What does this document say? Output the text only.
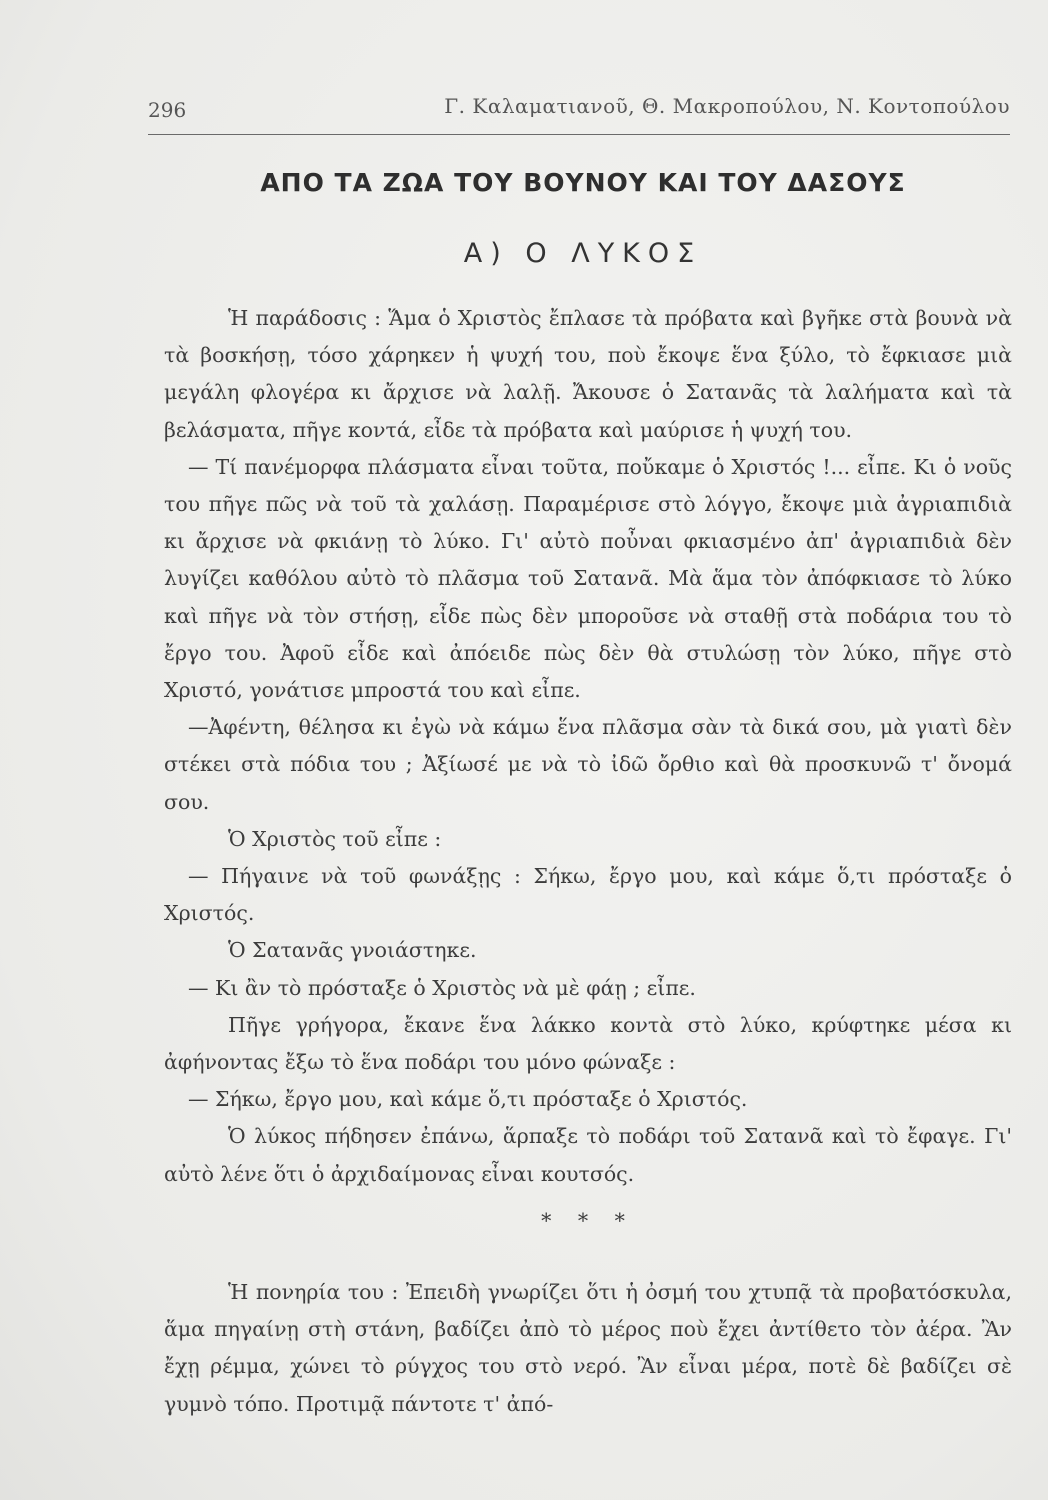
296	Γ. Καλαματιανοῦ, Θ. Μακροπούλου, Ν. Κοντοπούλου
ΑΠΟ ΤΑ ΖΩΑ ΤΟΥ ΒΟΥΝΟΥ ΚΑΙ ΤΟΥ ΔΑΣΟΥΣ
Α) Ο ΛΥΚΟΣ

Ἡ παράδοσις : Ἅμα ὁ Χριστὸς ἔπλασε τὰ πρόβατα καὶ βγῆκε στὰ βουνὰ νὰ τὰ βοσκήσῃ, τόσο χάρηκεν ἡ ψυχή του, ποὺ ἔκοψε ἕνα ξύλο, τὸ ἔφκιασε μιὰ μεγάλη φλογέρα κι ἄρχισε νὰ λαλῇ. Ἄκουσε ὁ Σατανᾶς τὰ λαλήματα καὶ τὰ βελάσματα, πῆγε κοντά, εἶδε τὰ πρόβατα καὶ μαύρισε ἡ ψυχή του.

— Τί πανέμορφα πλάσματα εἶναι τοῦτα, ποὔκαμε ὁ Χριστός !... εἶπε. Κι ὁ νοῦς του πῆγε πῶς νὰ τοῦ τὰ χαλάσῃ. Παραμέρισε στὸ λόγγο, ἔκοψε μιὰ ἀγριαπιδιὰ κι ἄρχισε νὰ φκιάνῃ τὸ λύκο. Γι' αὐτὸ ποὖναι φκιασμένο ἀπ' ἀγριαπιδιὰ δὲν λυγίζει καθόλου αὐτὸ τὸ πλᾶσμα τοῦ Σατανᾶ. Μὰ ἅμα τὸν ἀπόφκιασε τὸ λύκο καὶ πῆγε νὰ τὸν στήσῃ, εἶδε πὼς δὲν μποροῦσε νὰ σταθῇ στὰ ποδάρια του τὸ ἔργο του. Ἀφοῦ εἶδε καὶ ἀπόειδε πὼς δὲν θὰ στυλώσῃ τὸν λύκο, πῆγε στὸ Χριστό, γονάτισε μπροστά του καὶ εἶπε.

—Ἀφέντη, θέλησα κι ἐγὼ νὰ κάμω ἕνα πλᾶσμα σὰν τὰ δικά σου, μὰ γιατὶ δὲν στέκει στὰ πόδια του ; Ἀξίωσέ με νὰ τὸ ἰδῶ ὄρθιο καὶ θὰ προσκυνῶ τ' ὄνομά σου.

Ὁ Χριστὸς τοῦ εἶπε :

— Πήγαινε νὰ τοῦ φωνάξῃς : Σήκω, ἔργο μου, καὶ κάμε ὅ,τι πρόσταξε ὁ Χριστός.

Ὁ Σατανᾶς γνοιάστηκε.

— Κι ἂν τὸ πρόσταξε ὁ Χριστὸς νὰ μὲ φάῃ ; εἶπε.

Πῆγε γρήγορα, ἔκανε ἕνα λάκκο κοντὰ στὸ λύκο, κρύφτηκε μέσα κι ἀφήνοντας ἔξω τὸ ἕνα ποδάρι του μόνο φώναξε :

— Σήκω, ἔργο μου, καὶ κάμε ὅ,τι πρόσταξε ὁ Χριστός.

Ὁ λύκος πήδησεν ἐπάνω, ἅρπαξε τὸ ποδάρι τοῦ Σατανᾶ καὶ τὸ ἔφαγε. Γι' αὐτὸ λένε ὅτι ὁ ἀρχιδαίμονας εἶναι κουτσός.

* * *

Ἡ πονηρία του : Ἐπειδὴ γνωρίζει ὅτι ἡ ὀσμή του χτυπᾷ τὰ προβατόσκυλα, ἅμα πηγαίνῃ στὴ στάνη, βαδίζει ἀπὸ τὸ μέρος ποὺ ἔχει ἀντίθετο τὸν ἀέρα. Ἂν ἔχῃ ρέμμα, χώνει τὸ ρύγχος του στὸ νερό. Ἂν εἶναι μέρα, ποτὲ δὲ βαδίζει σὲ γυμνὸ τόπο. Προτιμᾷ πάντοτε τ' ἀπό-
